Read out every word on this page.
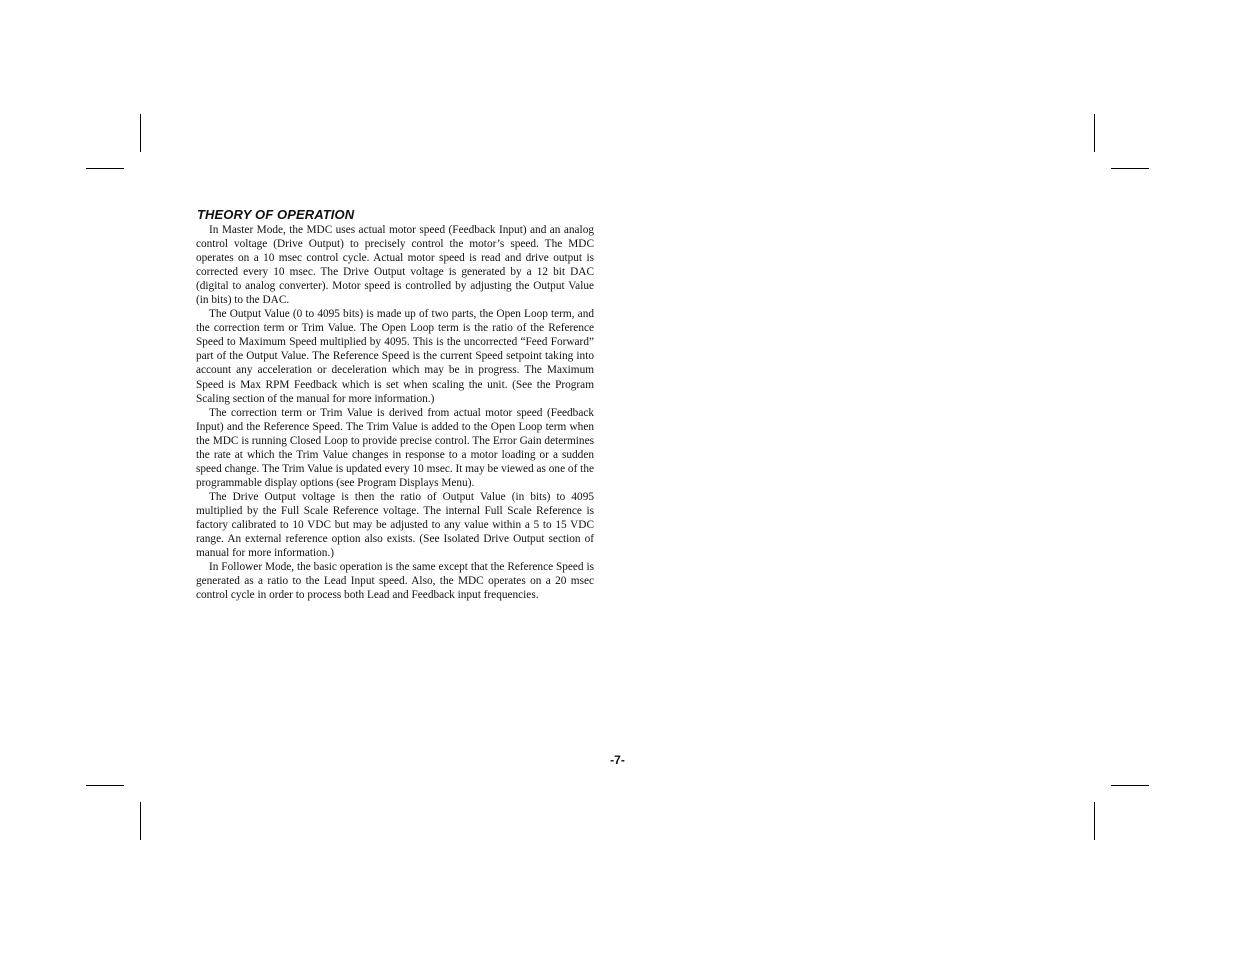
THEORY OF OPERATION

In Master Mode, the MDC uses actual motor speed (Feedback Input) and an analog control voltage (Drive Output) to precisely control the motor’s speed. The MDC operates on a 10 msec control cycle. Actual motor speed is read and drive output is corrected every 10 msec. The Drive Output voltage is generated by a 12 bit DAC (digital to analog converter). Motor speed is controlled by adjusting the Output Value (in bits) to the DAC.

The Output Value (0 to 4095 bits) is made up of two parts, the Open Loop term, and the correction term or Trim Value. The Open Loop term is the ratio of the Reference Speed to Maximum Speed multiplied by 4095. This is the uncorrected “Feed Forward” part of the Output Value. The Reference Speed is the current Speed setpoint taking into account any acceleration or deceleration which may be in progress. The Maximum Speed is Max RPM Feedback which is set when scaling the unit. (See the Program Scaling section of the manual for more information.)

The correction term or Trim Value is derived from actual motor speed (Feedback Input) and the Reference Speed. The Trim Value is added to the Open Loop term when the MDC is running Closed Loop to provide precise control. The Error Gain determines the rate at which the Trim Value changes in response to a motor loading or a sudden speed change. The Trim Value is updated every 10 msec. It may be viewed as one of the programmable display options (see Program Displays Menu).

The Drive Output voltage is then the ratio of Output Value (in bits) to 4095 multiplied by the Full Scale Reference voltage. The internal Full Scale Reference is factory calibrated to 10 VDC but may be adjusted to any value within a 5 to 15 VDC range. An external reference option also exists. (See Isolated Drive Output section of manual for more information.)

In Follower Mode, the basic operation is the same except that the Reference Speed is generated as a ratio to the Lead Input speed. Also, the MDC operates on a 20 msec control cycle in order to process both Lead and Feedback input frequencies.

-7-
